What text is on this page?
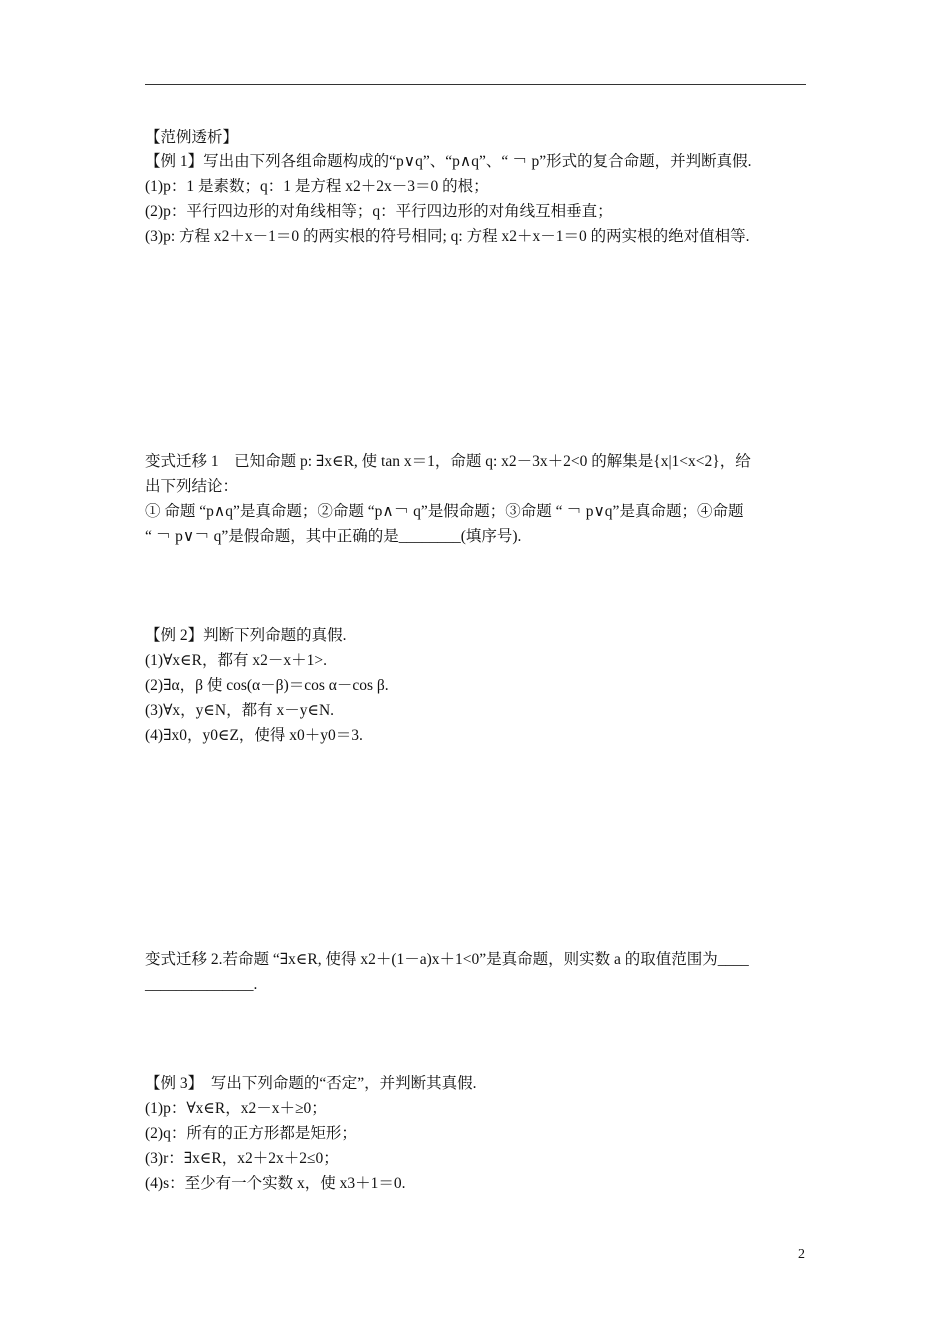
【范例透析】
【例 1】写出由下列各组命题构成的“p∨q”、“p∧q”、“ ￢ p”形式的复合命题，并判断真假.
(1)p：1 是素数；q：1 是方程 x2＋2x－3＝0 的根；
(2)p：平行四边形的对角线相等；q：平行四边形的对角线互相垂直；
(3)p: 方程 x2＋x－1＝0 的两实根的符号相同; q: 方程 x2＋x－1＝0 的两实根的绝对值相等.
变式迁移 1　已知命题 p: ∃x∈R, 使 tan x＝1，命题 q: x2－3x＋2<0 的解集是{x|1<x<2}，给
出下列结论：
① 命题 “p∧q”是真命题；②命题 “p∧￢ q”是假命题；③命题 “ ￢ p∨q”是真命题；④命题
“ ￢ p∨￢ q”是假命题，其中正确的是________(填序号).
【例 2】判断下列命题的真假.
(1)∀x∈R，都有 x2－x＋1>.
(2)∃α，β 使 cos(α－β)＝cos α－cos β.
(3)∀x，y∈N，都有 x－y∈N.
(4)∃x0，y0∈Z，使得 x0＋y0＝3.
变式迁移 2.若命题 “∃x∈R, 使得 x2＋(1－a)x＋1<0”是真命题，则实数 a 的取值范围为____
______________.
【例 3】　写出下列命题的“否定”，并判断其真假.
(1)p：∀x∈R，x2－x＋≥0；
(2)q：所有的正方形都是矩形；
(3)r：∃x∈R，x2＋2x＋2≤0；
(4)s：至少有一个实数 x，使 x3＋1＝0.
2
